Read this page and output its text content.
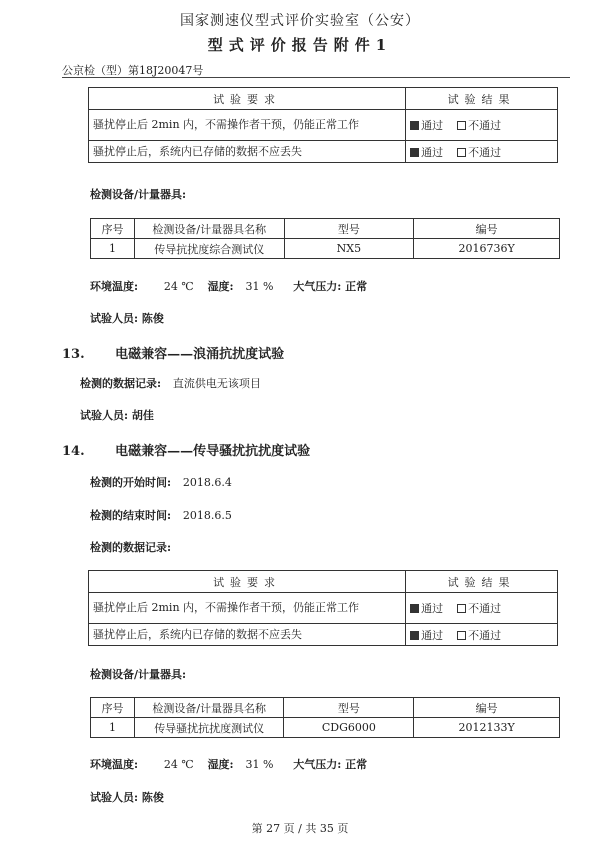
国家测速仪型式评价实验室（公安）
型式评价报告附件1
公京检（型）第18J20047号
试验要求	试验结果
骚扰停止后 2min 内，不需操作者干预，仍能正常工作	通过 不通过
骚扰停止后，系统内已存储的数据不应丢失	通过 不通过
检测设备/计量器具:
序号	检测设备/计量器具名称	型号	编号
1	传导抗扰度综合测试仪	NX5	2016736Y
环境温度: 24 ℃ 湿度: 31 % 大气压力: 正常
试验人员: 陈俊
13. 电磁兼容——浪涌抗扰度试验
检测的数据记录: 直流供电无该项目
试验人员: 胡佳
14. 电磁兼容——传导骚扰抗扰度试验
检测的开始时间: 2018.6.4
检测的结束时间: 2018.6.5
检测的数据记录:
试验要求	试验结果
骚扰停止后 2min 内，不需操作者干预，仍能正常工作	通过 不通过
骚扰停止后，系统内已存储的数据不应丢失	通过 不通过
检测设备/计量器具:
序号	检测设备/计量器具名称	型号	编号
1	传导骚扰抗扰度测试仪	CDG6000	2012133Y
环境温度: 24 ℃ 湿度: 31 % 大气压力: 正常
试验人员: 陈俊
第 27 页 / 共 35 页
